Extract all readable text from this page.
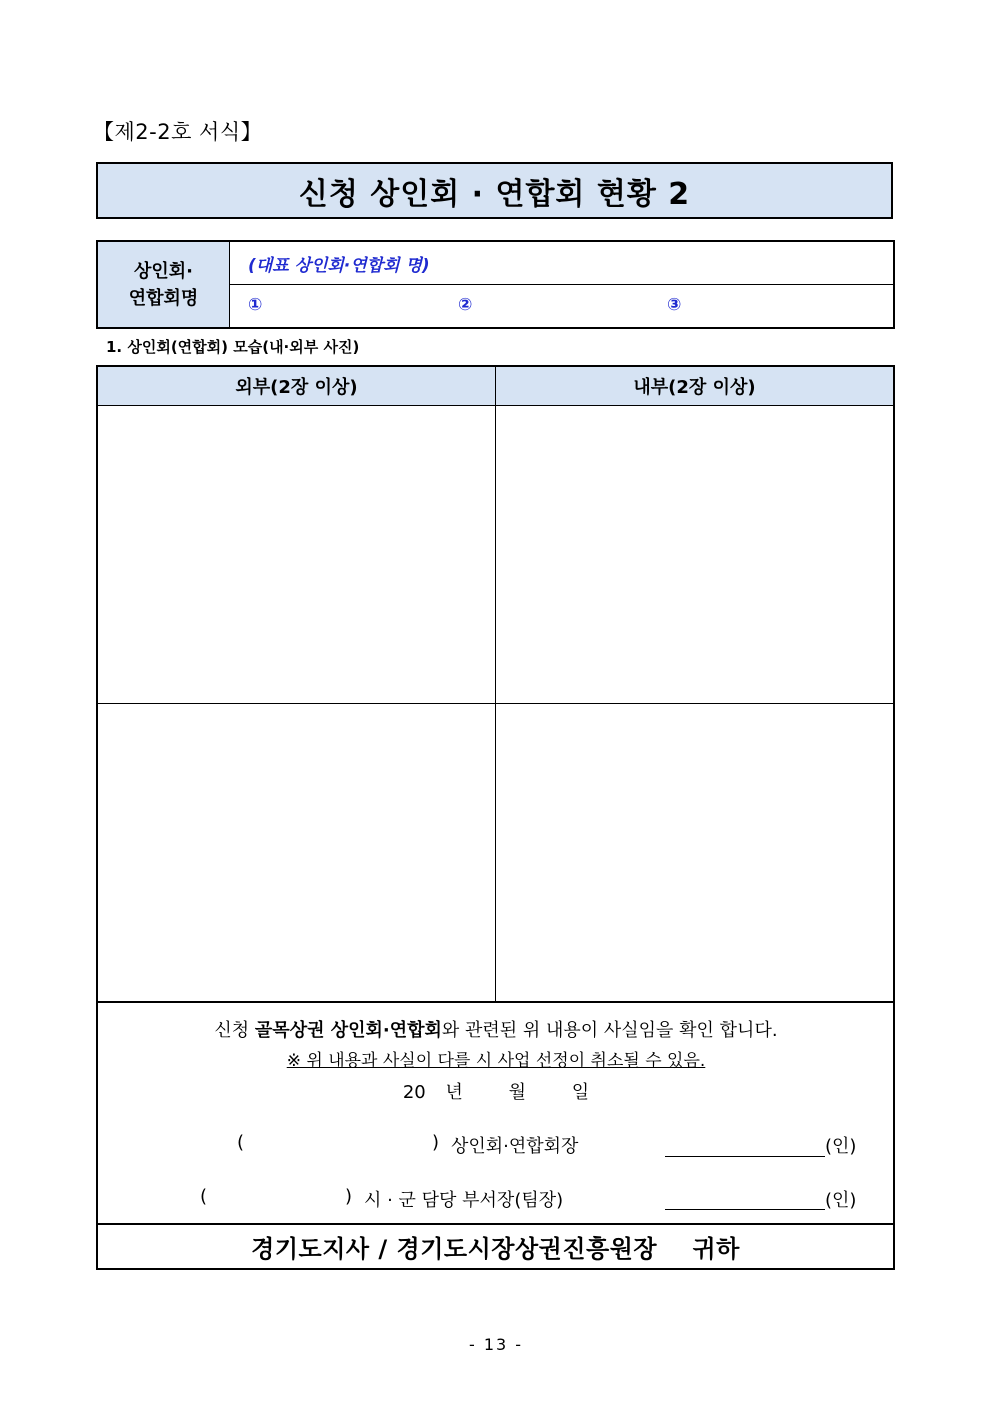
【제2-2호 서식】
신청 상인회 · 연합회 현황 2
상인회·
연합회명
	(대표 상인회·연합회 명)

①	②	③
1. 상인회(연합회) 모습(내·외부 사진)
외부(2장 이상)	내부(2장 이상)

신청 골목상권 상인회·연합회와 관련된 위 내용이 사실임을 확인 합니다.
※ 위 내용과 사실이 다를 시 사업 선정이 취소될 수 있음.
20 년	월	일
(	) 상인회·연합회장	(인)
(	) 시 · 군 담당 부서장(팀장)	(인)
경기도지사 / 경기도시장상권진흥원장    귀하
- 13 -
